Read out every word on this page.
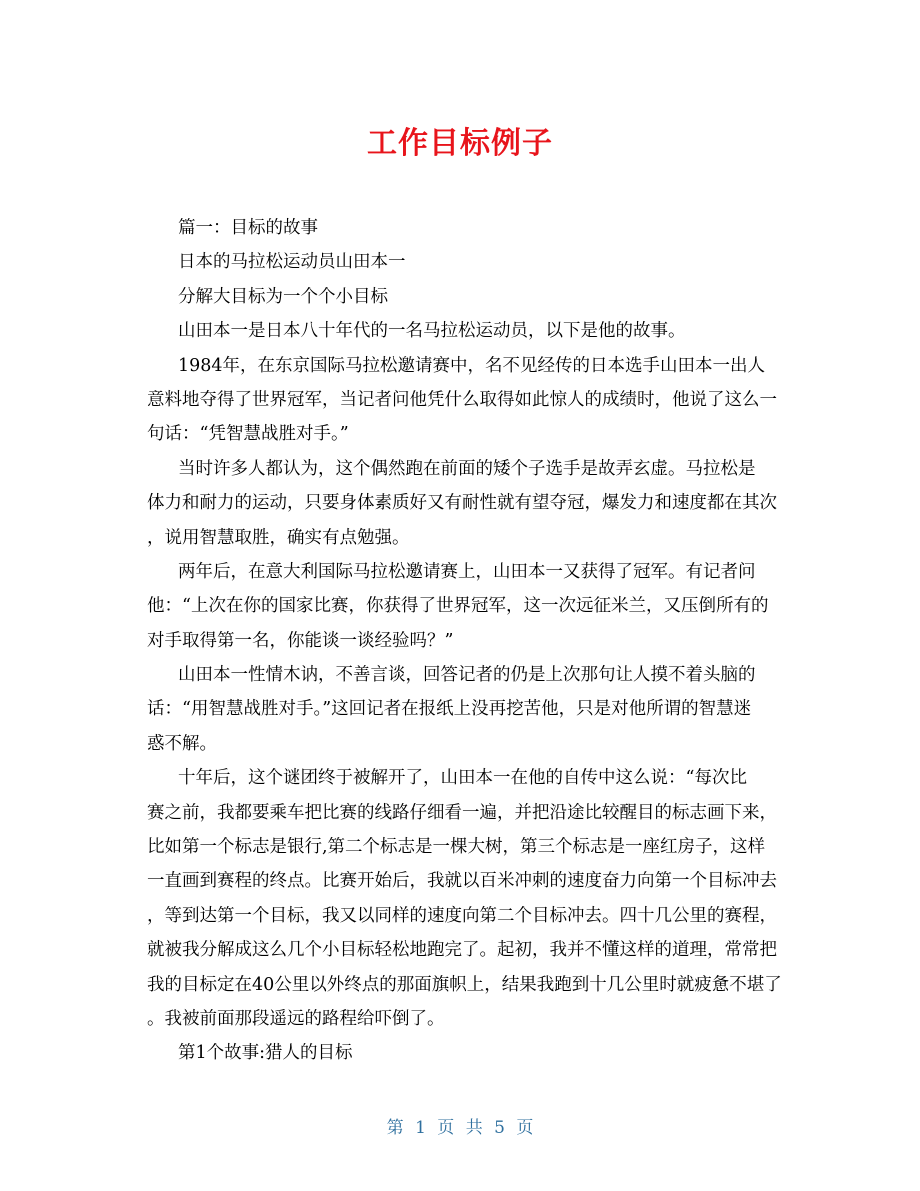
工作目标例子
篇一：目标的故事
日本的马拉松运动员山田本一
分解大目标为一个个小目标
山田本一是日本八十年代的一名马拉松运动员，以下是他的故事。
1984年，在东京国际马拉松邀请赛中，名不见经传的日本选手山田本一出人
意料地夺得了世界冠军，当记者问他凭什么取得如此惊人的成绩时，他说了这么一
句话：“凭智慧战胜对手。”
当时许多人都认为，这个偶然跑在前面的矮个子选手是故弄玄虚。马拉松是
体力和耐力的运动，只要身体素质好又有耐性就有望夺冠，爆发力和速度都在其次
，说用智慧取胜，确实有点勉强。
两年后，在意大利国际马拉松邀请赛上，山田本一又获得了冠军。有记者问
他：“上次在你的国家比赛，你获得了世界冠军，这一次远征米兰，又压倒所有的
对手取得第一名，你能谈一谈经验吗？”
山田本一性情木讷，不善言谈，回答记者的仍是上次那句让人摸不着头脑的
话：“用智慧战胜对手。”这回记者在报纸上没再挖苦他，只是对他所谓的智慧迷
惑不解。
十年后，这个谜团终于被解开了，山田本一在他的自传中这么说：“每次比
赛之前，我都要乘车把比赛的线路仔细看一遍，并把沿途比较醒目的标志画下来，
比如第一个标志是银行,第二个标志是一棵大树，第三个标志是一座红房子，这样
一直画到赛程的终点。比赛开始后，我就以百米冲刺的速度奋力向第一个目标冲去
，等到达第一个目标，我又以同样的速度向第二个目标冲去。四十几公里的赛程，
就被我分解成这么几个小目标轻松地跑完了。起初，我并不懂这样的道理，常常把
我的目标定在40公里以外终点的那面旗帜上，结果我跑到十几公里时就疲惫不堪了
。我被前面那段遥远的路程给吓倒了。
第1个故事:猎人的目标
第 1 页 共 5 页
